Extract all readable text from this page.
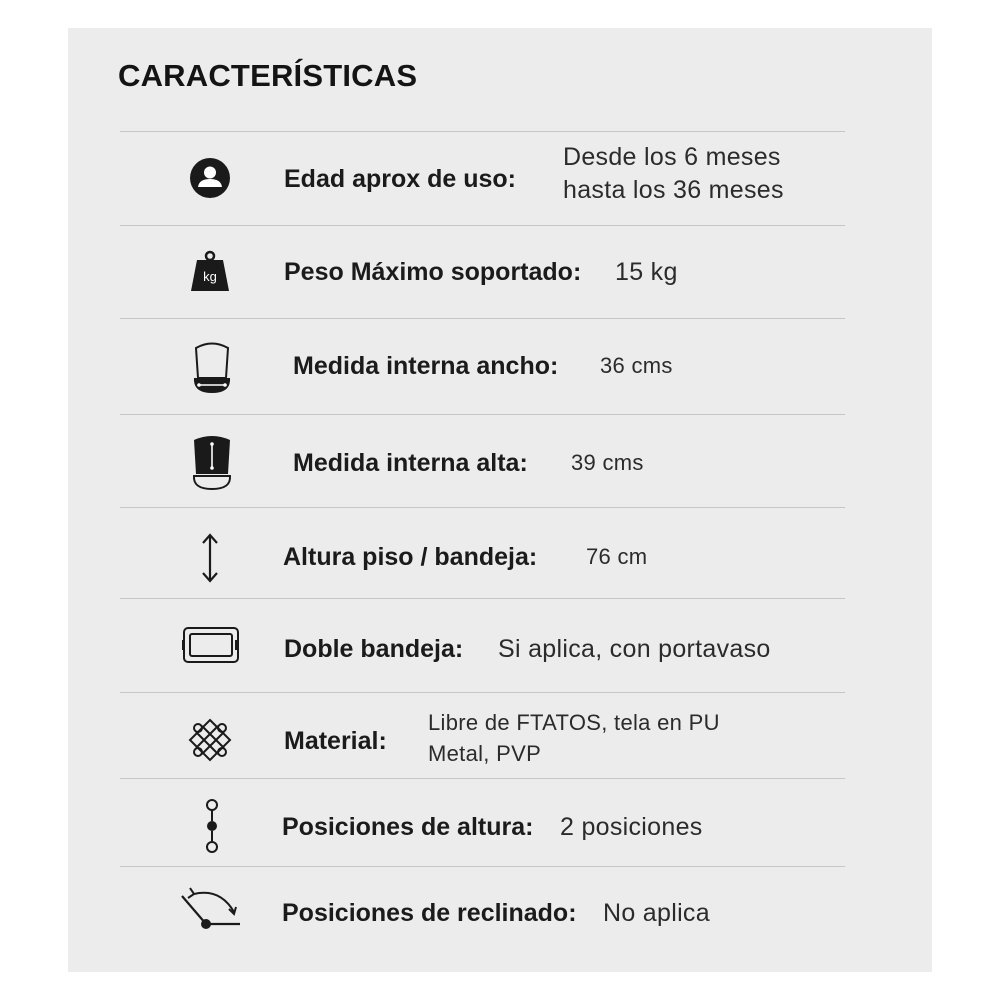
CARACTERÍSTICAS
Edad aprox de uso:
Desde los 6 meses
hasta los 36 meses
kg	Peso Máximo soportado: 15 kg
Medida interna ancho: 36 cms
Medida interna alta: 39 cms
Altura piso / bandeja: 76 cm
Doble bandeja: Si aplica, con portavaso
Material:
Libre de FTATOS, tela en PU
Metal, PVP
Posiciones de altura: 2 posiciones
Posiciones de reclinado: No aplica
